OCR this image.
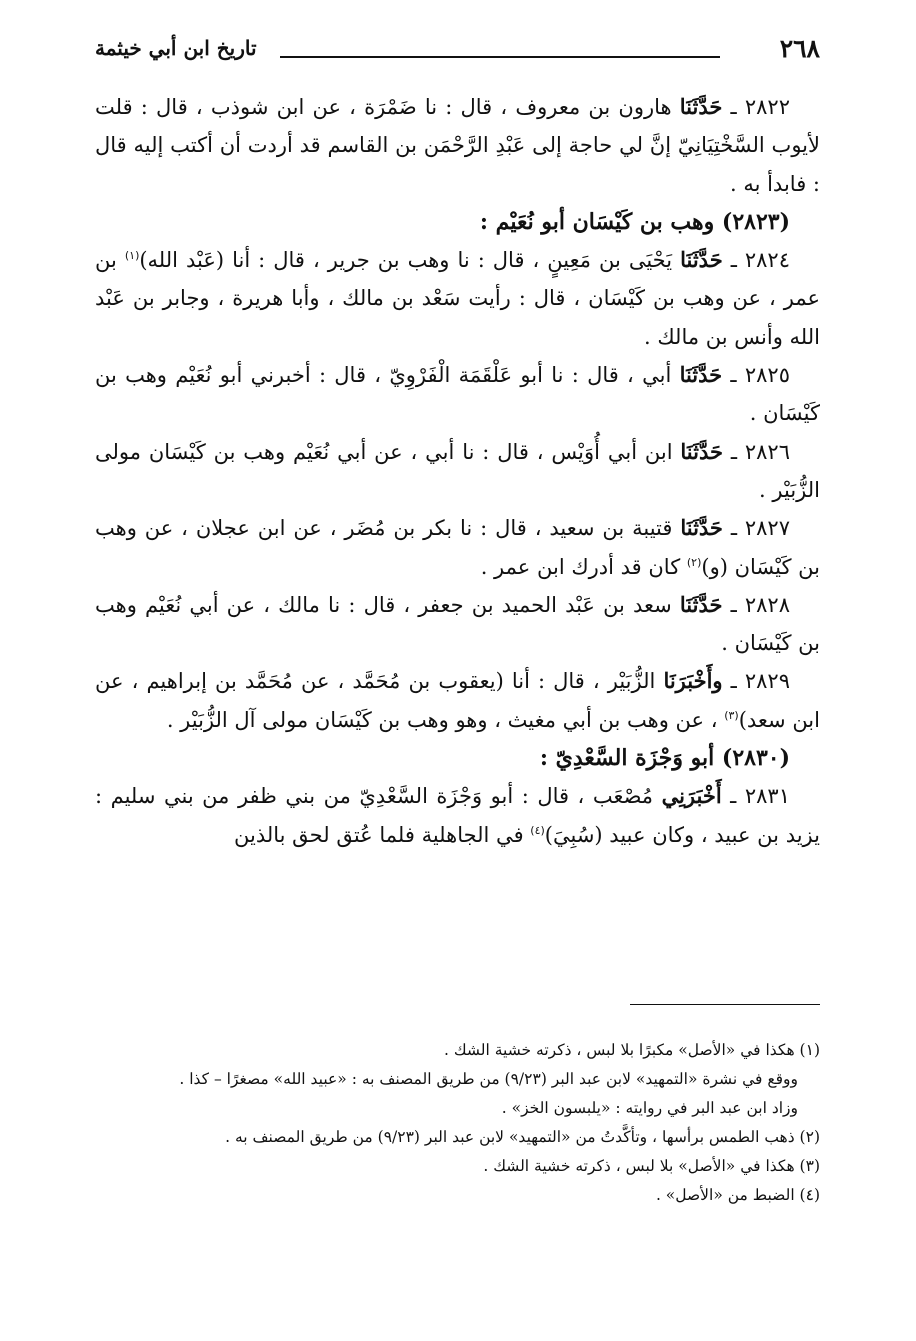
٢٦٨
تاريخ ابن أبي خيثمة

٢٨٢٢ ـ حَدَّثَنَا هارون بن معروف ، قال : نا ضَمْرَة ، عن ابن شوذب ، قال : قلت لأيوب السَّخْتِيَانِيّ إنَّ لي حاجة إلى عَبْدِ الرَّحْمَن بن القاسم قد أردت أن أكتب إليه قال : فابدأ به .

(٢٨٢٣) وهب بن كَيْسَان أبو نُعَيْم :

٢٨٢٤ ـ حَدَّثَنَا يَحْيَى بن مَعِينٍ ، قال : نا وهب بن جرير ، قال : أنا (عَبْد الله)$^{(١)}$ بن عمر ، عن وهب بن كَيْسَان ، قال : رأيت سَعْد بن مالك ، وأبا هريرة ، وجابر بن عَبْد الله وأنس بن مالك .

٢٨٢٥ ـ حَدَّثَنَا أبي ، قال : نا أبو عَلْقَمَة الْفَرْوِيّ ، قال : أخبرني أبو نُعَيْم وهب بن كَيْسَان .

٢٨٢٦ ـ حَدَّثَنَا ابن أبي أُوَيْس ، قال : نا أبي ، عن أبي نُعَيْم وهب بن كَيْسَان مولى الزُّبَيْر .

٢٨٢٧ ـ حَدَّثَنَا قتيبة بن سعيد ، قال : نا بكر بن مُضَر ، عن ابن عجلان ، عن وهب بن كَيْسَان (و)$^{(٢)}$ كان قد أدرك ابن عمر .

٢٨٢٨ ـ حَدَّثَنَا سعد بن عَبْد الحميد بن جعفر ، قال : نا مالك ، عن أبي نُعَيْم وهب بن كَيْسَان .

٢٨٢٩ ـ وأَخْبَرَنَا الزُّبَيْر ، قال : أنا (يعقوب بن مُحَمَّد ، عن مُحَمَّد بن إبراهيم ، عن ابن سعد)$^{(٣)}$ ، عن وهب بن أبي مغيث ، وهو وهب بن كَيْسَان مولى آل الزُّبَيْر .

(٢٨٣٠) أبو وَجْزَة السَّعْدِيّ :

٢٨٣١ ـ أَخْبَرَنِي مُصْعَب ، قال : أبو وَجْزَة السَّعْدِيّ من بني ظفر من بني سليم : يزيد بن عبيد ، وكان عبيد (سُبِيَ)$^{(٤)}$ في الجاهلية فلما عُتق لحق بالذين

(١) هكذا في «الأصل» مكبرًا بلا لبس ، ذكرته خشية الشك .

ووقع في نشرة «التمهيد» لابن عبد البر (٩/٢٣) من طريق المصنف به : «عبيد الله» مصغرًا – كذا .

وزاد ابن عبد البر في روايته : «يلبسون الخز» .

(٢) ذهب الطمس برأسها ، وتأكَّدتُ من «التمهيد» لابن عبد البر (٩/٢٣) من طريق المصنف به .

(٣) هكذا في «الأصل» بلا لبس ، ذكرته خشية الشك .

(٤) الضبط من «الأصل» .
